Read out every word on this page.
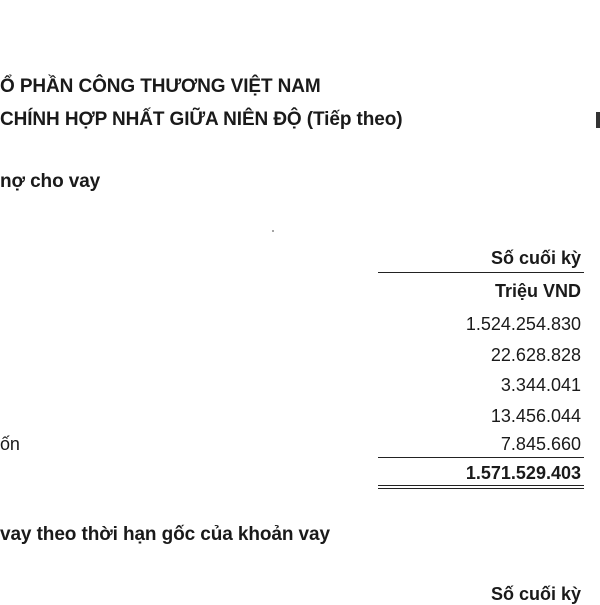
Ổ PHẦN CÔNG THƯƠNG VIỆT NAM
CHÍNH HỢP NHẤT GIỮA NIÊN ĐỘ (Tiếp theo)
nợ cho vay
Số cuối kỳ
Triệu VND
1.524.254.830
22.628.828
3.344.041
13.456.044
ốn	7.845.660
1.571.529.403
vay theo thời hạn gốc của khoản vay
Số cuối kỳ
